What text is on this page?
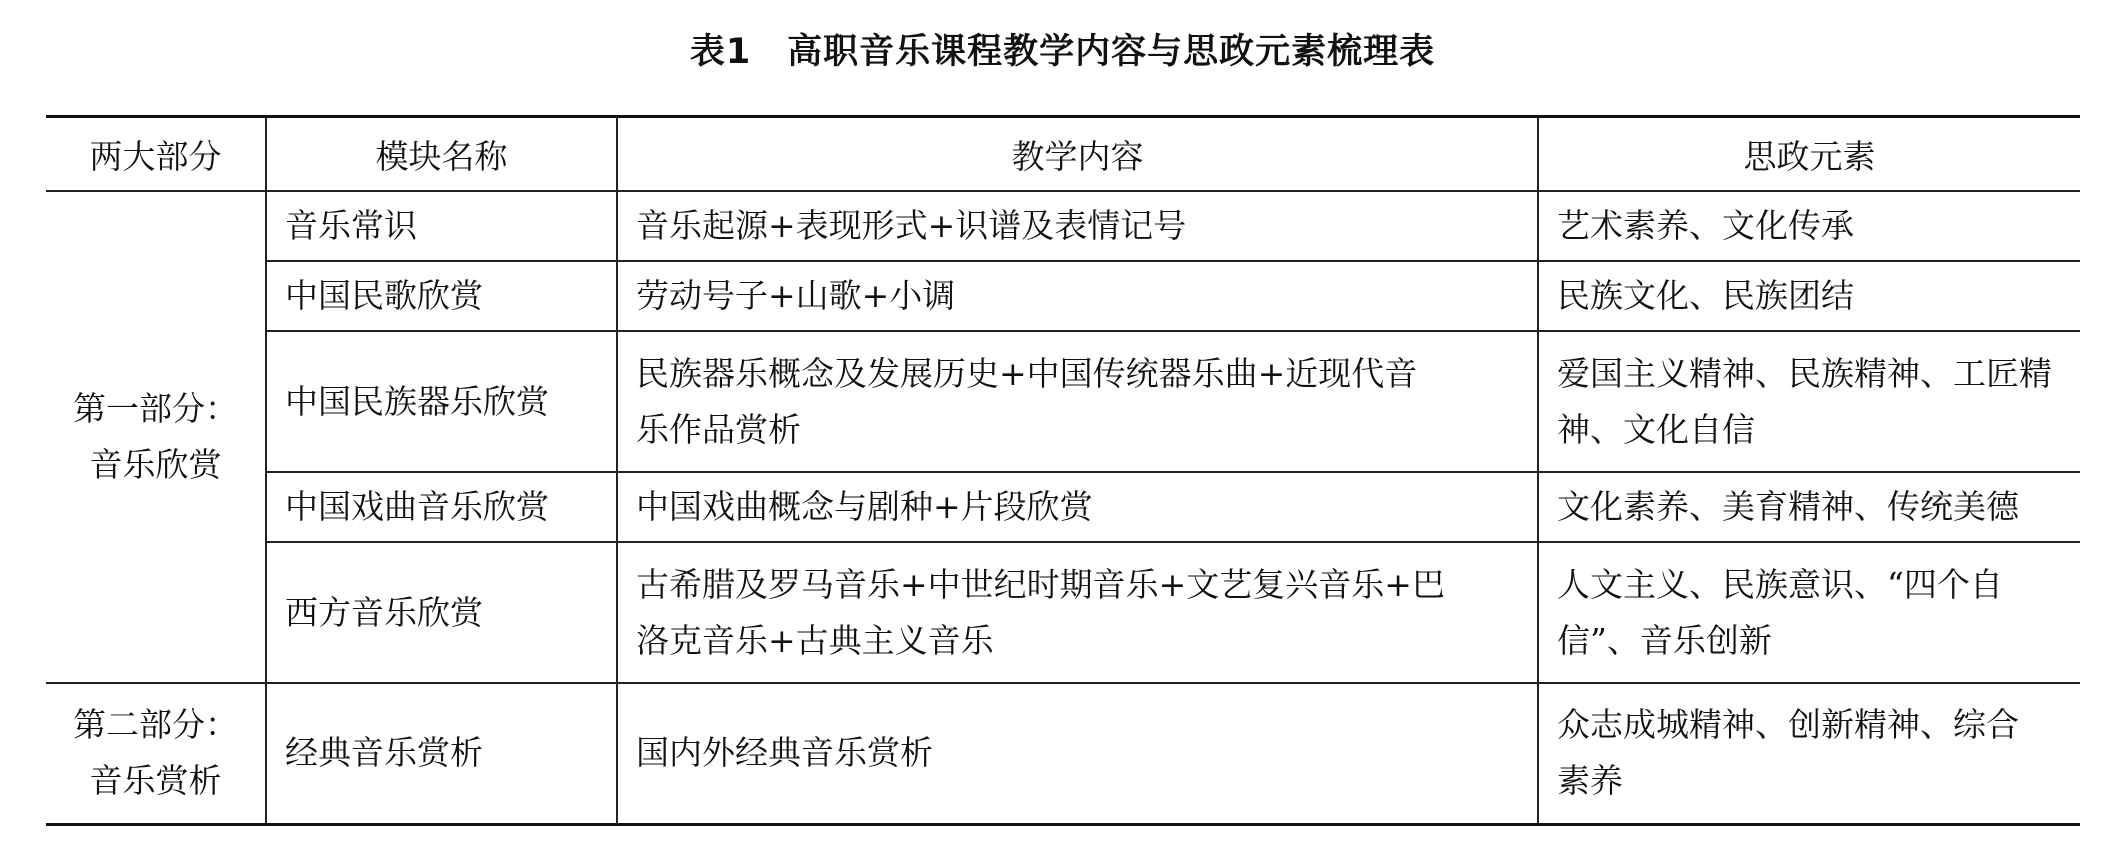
表1　高职音乐课程教学内容与思政元素梳理表
两大部分	模块名称	教学内容	思政元素

第一部分：
音乐欣赏	音乐常识	音乐起源+表现形式+识谱及表情记号	艺术素养、文化传承

	中国民歌欣赏	劳动号子+山歌+小调	民族文化、民族团结

	中国民族器乐欣赏	民族器乐概念及发展历史+中国传统器乐曲+近现代音
乐作品赏析	爱国主义精神、民族精神、工匠精
神、文化自信

	中国戏曲音乐欣赏	中国戏曲概念与剧种+片段欣赏	文化素养、美育精神、传统美德

	西方音乐欣赏	古希腊及罗马音乐+中世纪时期音乐+文艺复兴音乐+巴
洛克音乐+古典主义音乐	人文主义、民族意识、“四个自
信”、音乐创新

第二部分：
音乐赏析	经典音乐赏析	国内外经典音乐赏析	众志成城精神、创新精神、综合
素养
